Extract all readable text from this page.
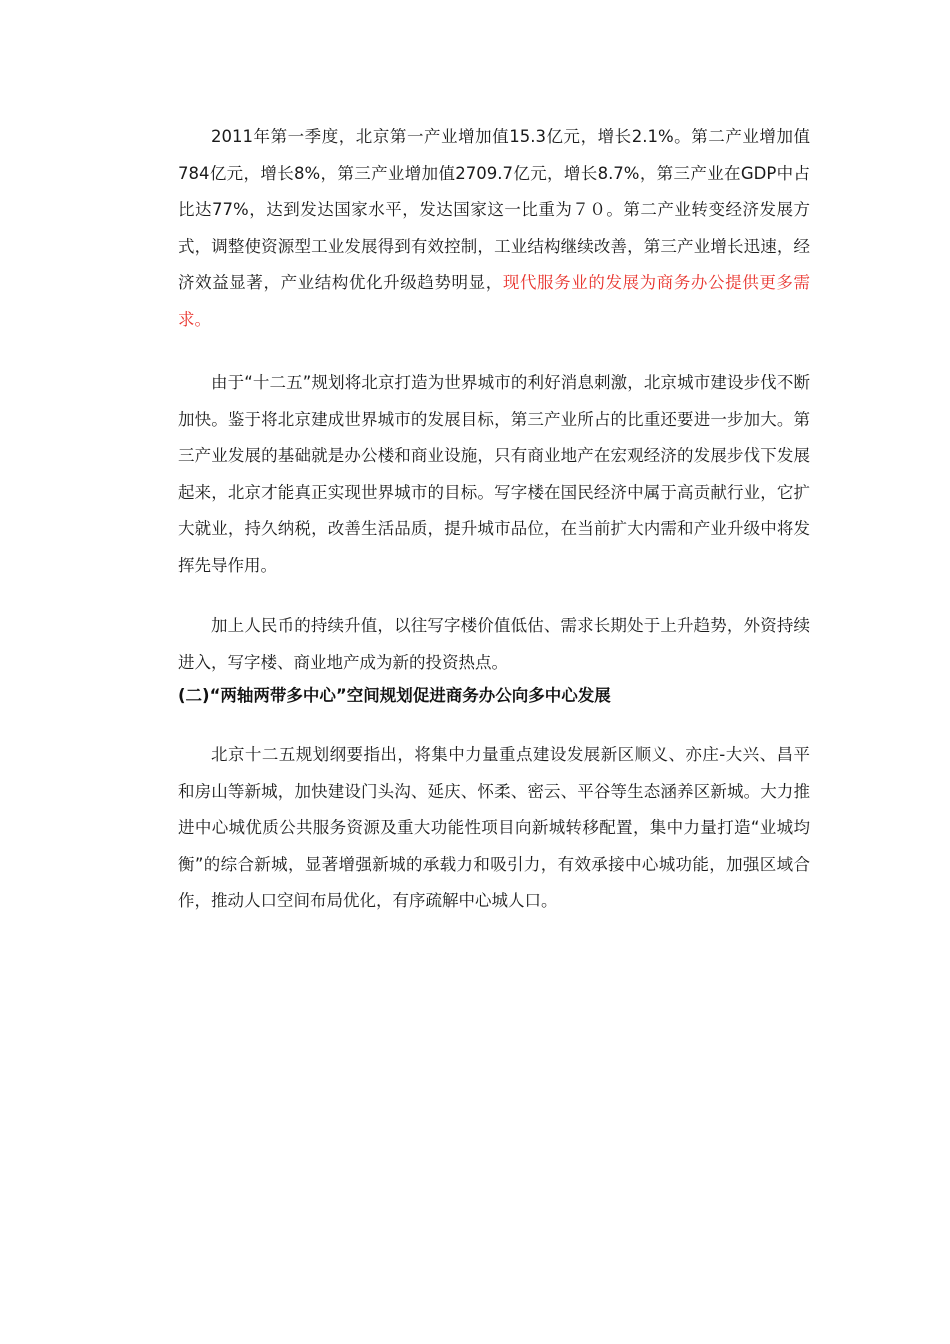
2011年第一季度，北京第一产业增加值15.3亿元，增长2.1%。第二产业增加值784亿元，增长8%，第三产业增加值2709.7亿元，增长8.7%，第三产业在GDP中占比达77%，达到发达国家水平，发达国家这一比重为７０。第二产业转变经济发展方式，调整使资源型工业发展得到有效控制，工业结构继续改善，第三产业增长迅速，经济效益显著，产业结构优化升级趋势明显，现代服务业的发展为商务办公提供更多需求。

由于“十二五”规划将北京打造为世界城市的利好消息刺激，北京城市建设步伐不断加快。鉴于将北京建成世界城市的发展目标，第三产业所占的比重还要进一步加大。第三产业发展的基础就是办公楼和商业设施，只有商业地产在宏观经济的发展步伐下发展起来，北京才能真正实现世界城市的目标。写字楼在国民经济中属于高贡献行业，它扩大就业，持久纳税，改善生活品质，提升城市品位，在当前扩大内需和产业升级中将发挥先导作用。

加上人民币的持续升值，以往写字楼价值低估、需求长期处于上升趋势，外资持续进入，写字楼、商业地产成为新的投资热点。

(二)“两轴两带多中心”空间规划促进商务办公向多中心发展

北京十二五规划纲要指出，将集中力量重点建设发展新区顺义、亦庄-大兴、昌平和房山等新城，加快建设门头沟、延庆、怀柔、密云、平谷等生态涵养区新城。大力推进中心城优质公共服务资源及重大功能性项目向新城转移配置，集中力量打造“业城均衡”的综合新城，显著增强新城的承载力和吸引力，有效承接中心城功能，加强区域合作，推动人口空间布局优化，有序疏解中心城人口。
